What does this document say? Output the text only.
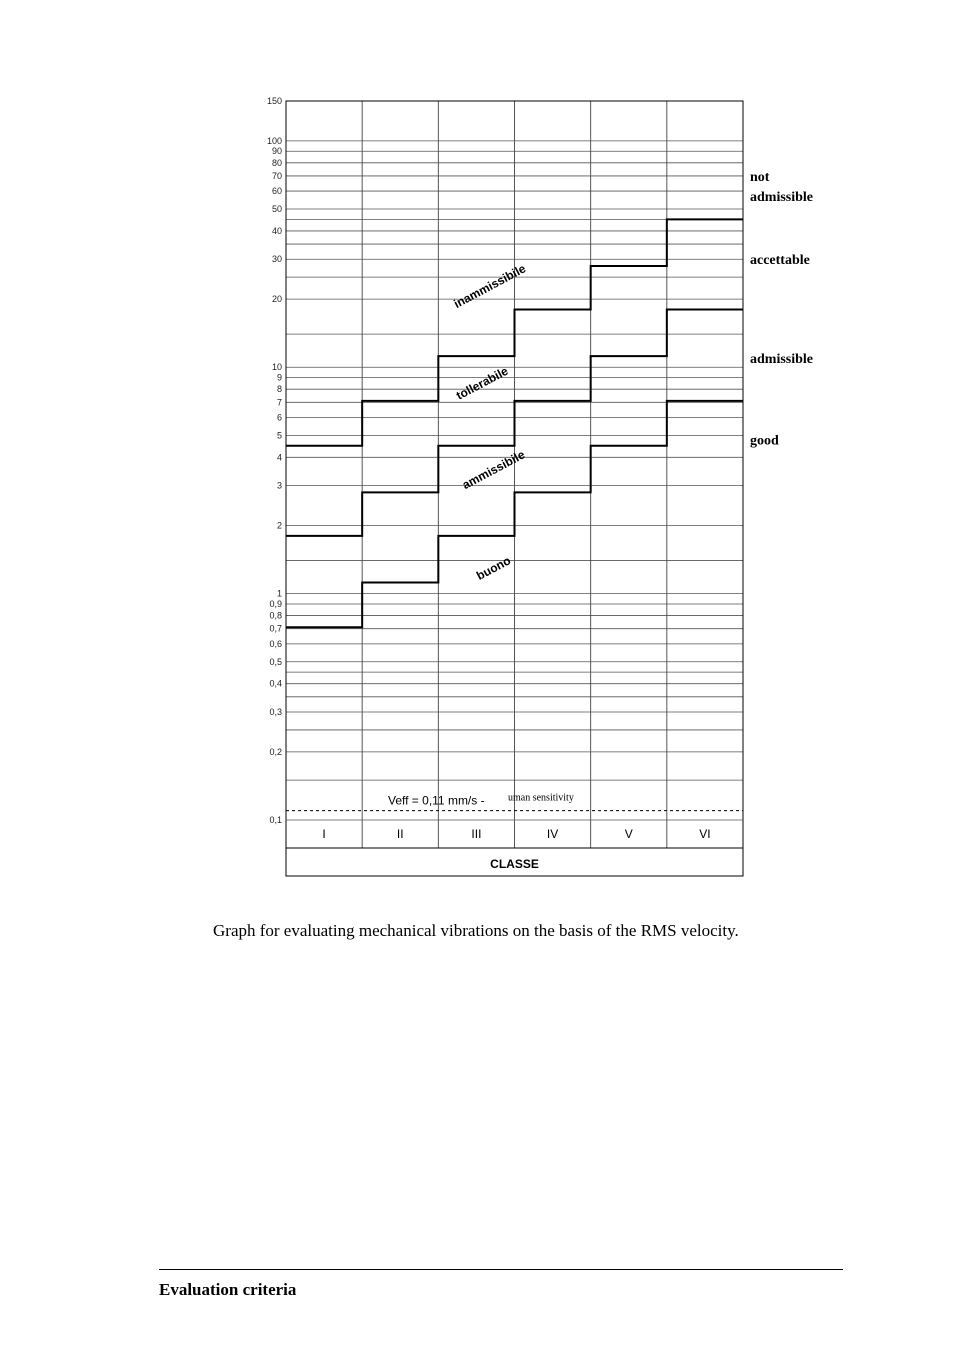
150
100
90
80
70
60
50
40
30
20
10
9
8
7
6
5
4
3
2
1
0,9
0,8
0,7
0,6
0,5
0,4
0,3
0,2
0,1
Veff = 0,11 mm/s - uman sensitivity
inammissibile
tollerabile
ammissibile
buono
not
admissible
accettable
admissible
good
I	II	III	IV	V	VI
CLASSE
Graph for evaluating mechanical vibrations on the basis of the RMS velocity.
Evaluation criteria
